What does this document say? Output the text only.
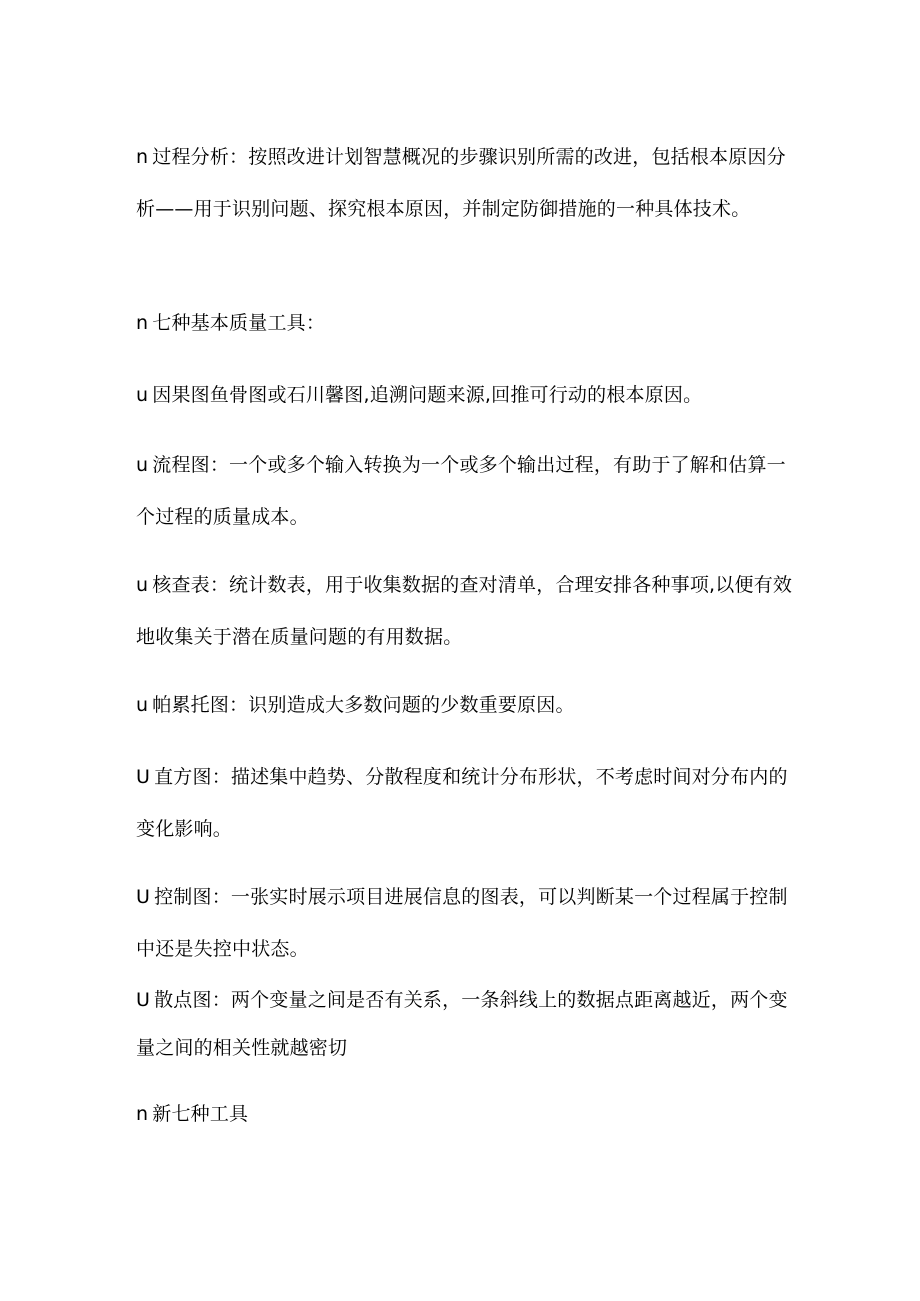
n 过程分析：按照改进计划智慧概况的步骤识别所需的改进，包括根本原因分析——用于识别问题、探究根本原因，并制定防御措施的一种具体技术。
n 七种基本质量工具：
u 因果图鱼骨图或石川馨图,追溯问题来源,回推可行动的根本原因。
u 流程图：一个或多个输入转换为一个或多个输出过程，有助于了解和估算一个过程的质量成本。
u 核查表：统计数表，用于收集数据的查对清单，合理安排各种事项,以便有效地收集关于潜在质量问题的有用数据。
u 帕累托图：识别造成大多数问题的少数重要原因。
U 直方图：描述集中趋势、分散程度和统计分布形状，不考虑时间对分布内的变化影响。
U 控制图：一张实时展示项目进展信息的图表，可以判断某一个过程属于控制中还是失控中状态。
U 散点图：两个变量之间是否有关系，一条斜线上的数据点距离越近，两个变量之间的相关性就越密切
n 新七种工具
